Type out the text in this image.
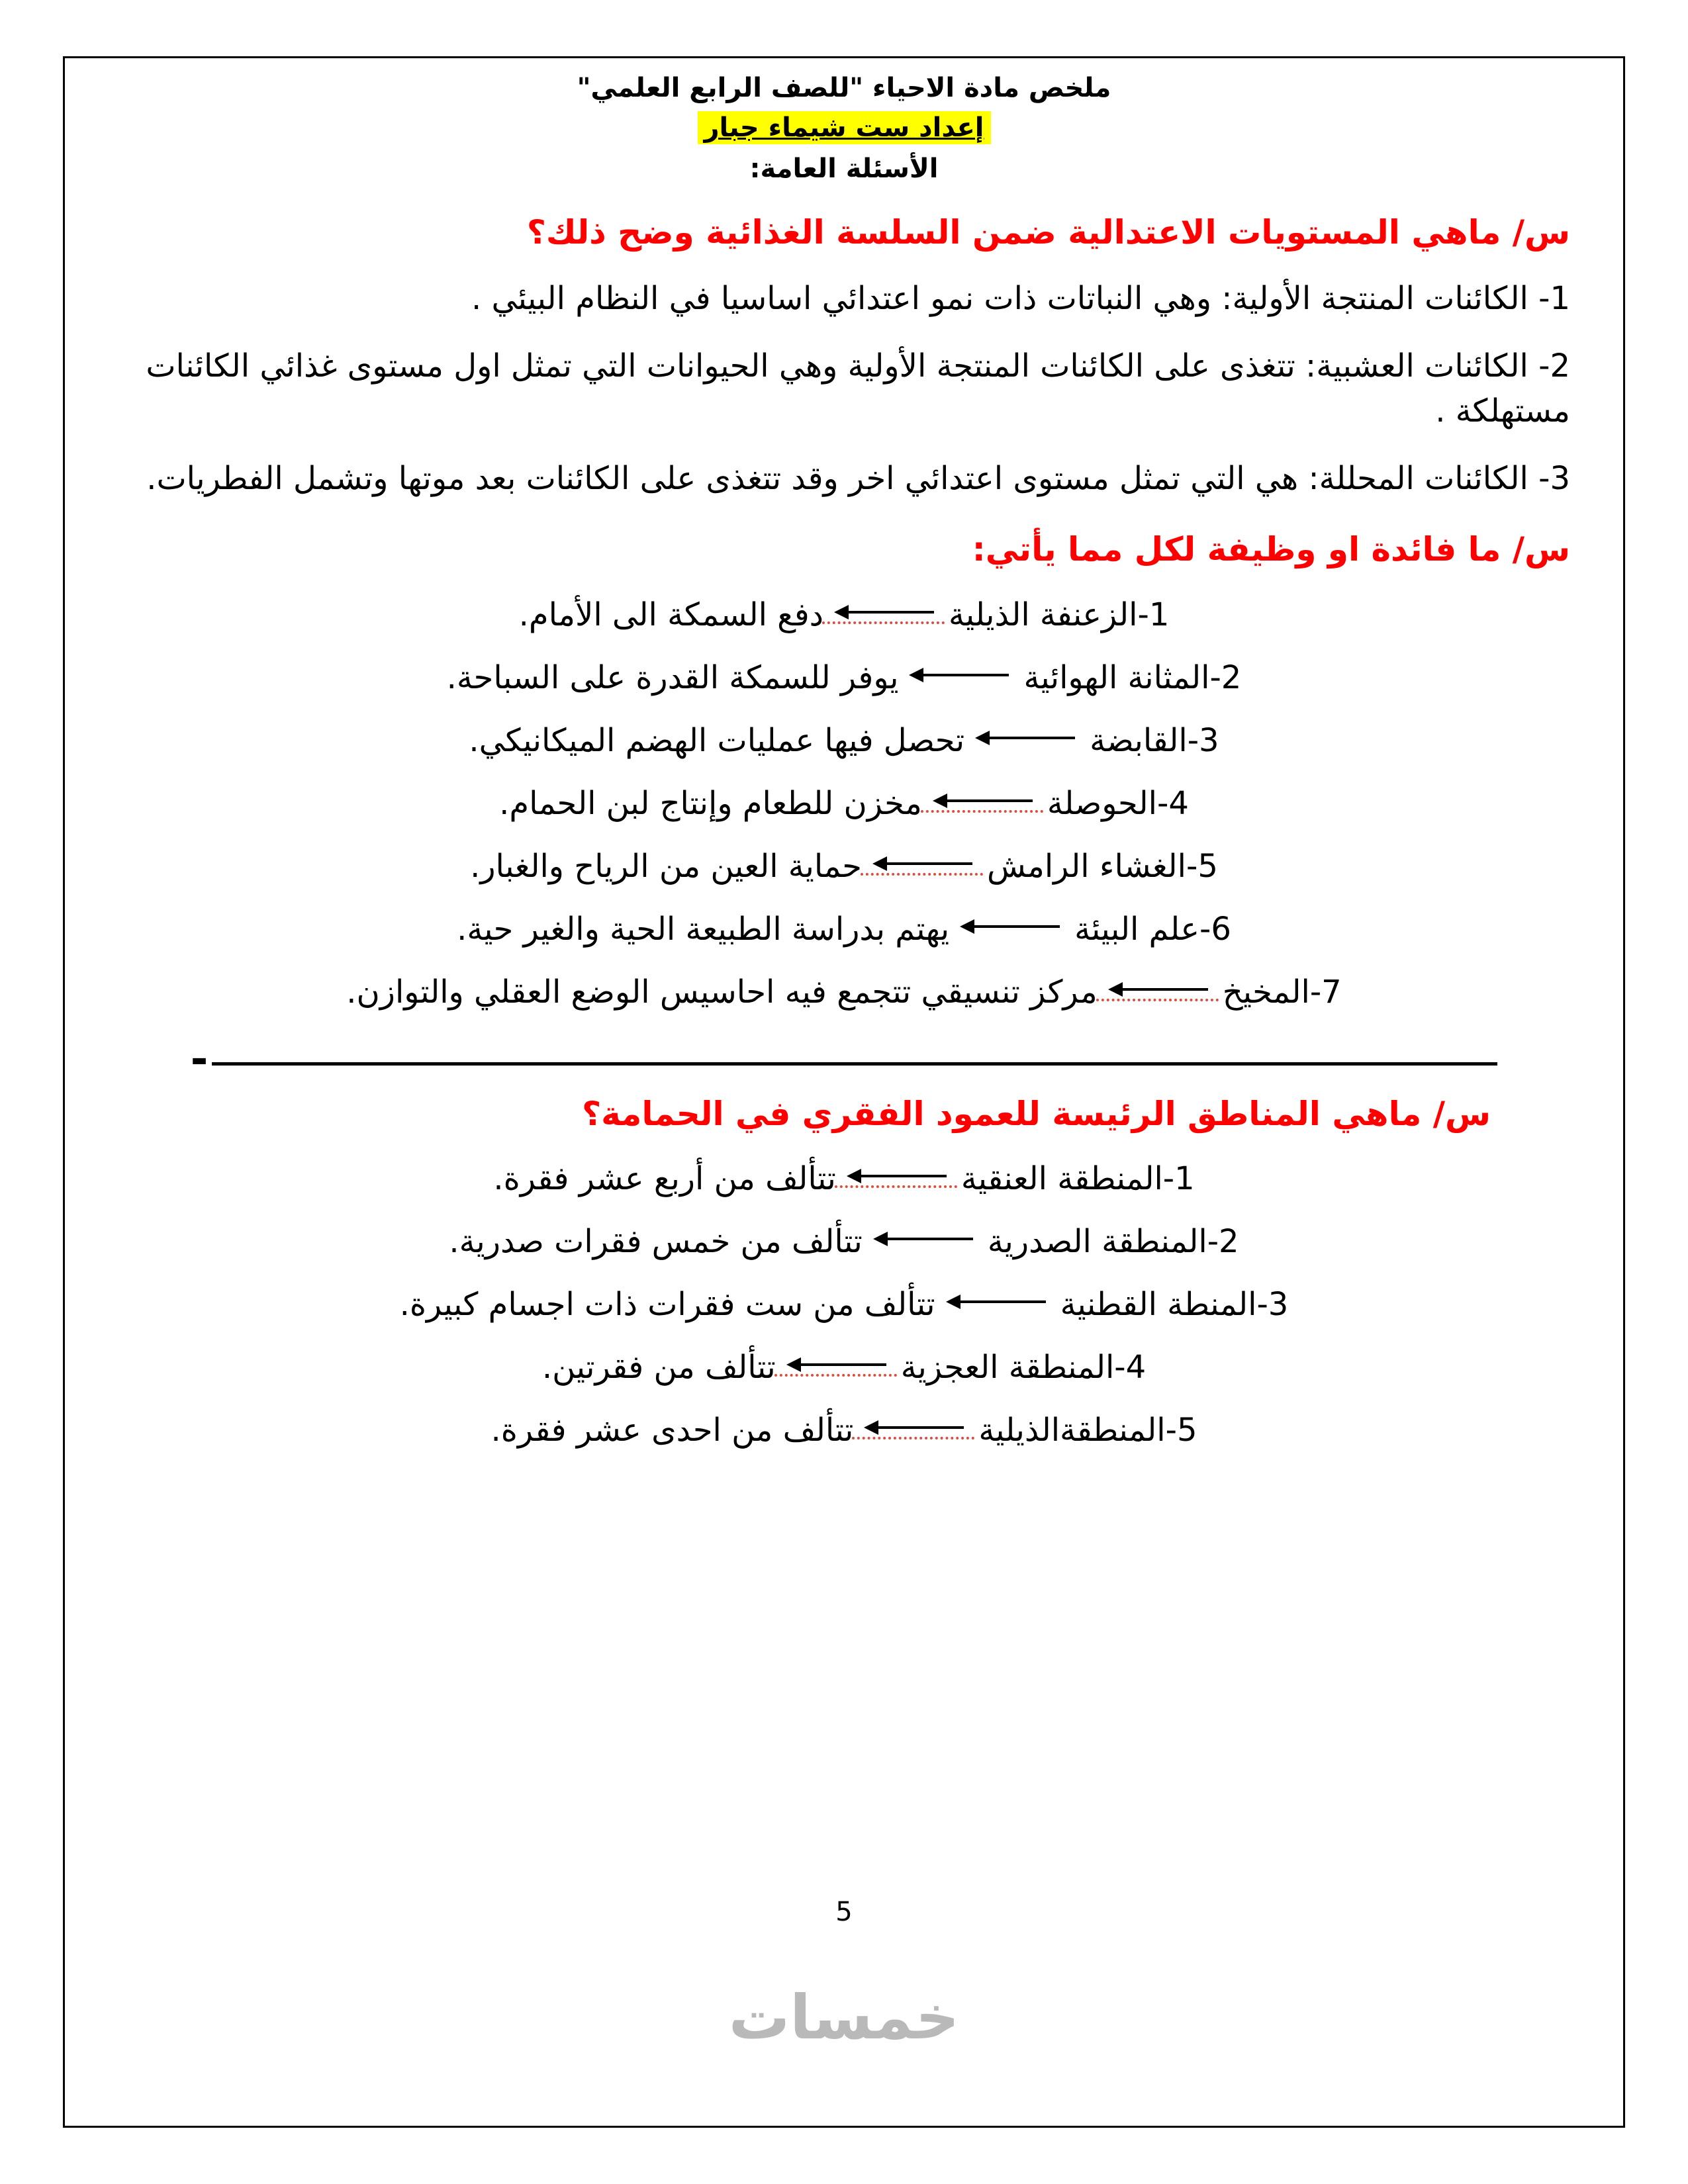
ملخص مادة الاحياء "للصف الرابع العلمي"
إعداد ست شيماء جبار
الأسئلة العامة:
س/ ماهي المستويات الاعتدالية ضمن السلسة الغذائية وضح ذلك؟

1- الكائنات المنتجة الأولية: وهي النباتات ذات نمو اعتدائي اساسيا في النظام البيئي .

2- الكائنات العشبية: تتغذى على الكائنات المنتجة الأولية وهي الحيوانات التي تمثل اول مستوى غذائي الكائنات مستهلكة .

3- الكائنات المحللة: هي التي تمثل مستوى اعتدائي اخر وقد تتغذى على الكائنات بعد موتها وتشمل الفطريات.

س/ ما فائدة او وظيفة لكل مما يأتي:
1-الزعنفة الذيليةدفع السمكة الى الأمام.
2-المثانة الهوائيةيوفر للسمكة القدرة على السباحة.
3-القابضةتحصل فيها عمليات الهضم الميكانيكي.
4-الحوصلةمخزن للطعام وإنتاج لبن الحمام.
5-الغشاء الرامشحماية العين من الرياح والغبار.
6-علم البيئةيهتم بدراسة الطبيعة الحية والغير حية.
7-المخيخمركز تنسيقي تتجمع فيه احاسيس الوضع العقلي والتوازن.
-
س/ ماهي المناطق الرئيسة للعمود الفقري في الحمامة؟
1-المنطقة العنقيةتتألف من أربع عشر فقرة.
2-المنطقة الصدريةتتألف من خمس فقرات صدرية.
3-المنطة القطنيةتتألف من ست فقرات ذات اجسام كبيرة.
4-المنطقة العجزيةتتألف من فقرتين.
5-المنطقةالذيليةتتألف من احدى عشر فقرة.
5
خمسات
